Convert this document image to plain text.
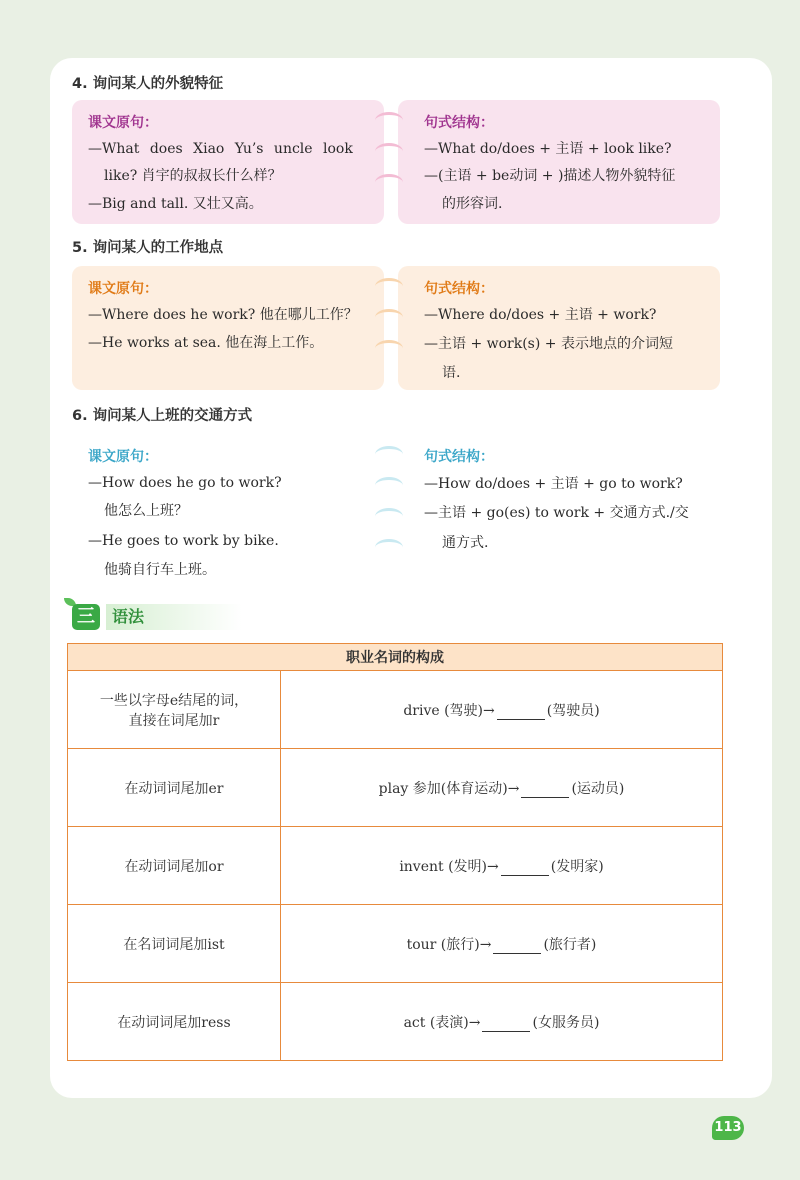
4. 询问某人的外貌特征
课文原句：
—What does Xiao Yu’s uncle look
like? 肖宇的叔叔长什么样？
—Big and tall. 又壮又高。
句式结构：
—What do/does + 主语 + look like?
—(主语 + be动词 + )描述人物外貌特征
的形容词.
5. 询问某人的工作地点
课文原句：
—Where does he work? 他在哪儿工作？
—He works at sea. 他在海上工作。
句式结构：
—Where do/does + 主语 + work?
—主语 + work(s) + 表示地点的介词短
语.
6. 询问某人上班的交通方式
课文原句：
—How does he go to work?
他怎么上班？
—He goes to work by bike.
他骑自行车上班。
句式结构：
—How do/does + 主语 + go to work?
—主语 + go(es) to work + 交通方式./交
通方式.
三	语法
职业名词的构成	

一些以字母e结尾的词，
直接在词尾加r	drive (驾驶)→ (驾驶员)
在动词词尾加er	play 参加(体育运动)→ (运动员)
在动词词尾加or	invent (发明)→ (发明家)
在名词词尾加ist	tour (旅行)→ (旅行者)
在动词词尾加ress	act (表演)→ (女服务员)
113
